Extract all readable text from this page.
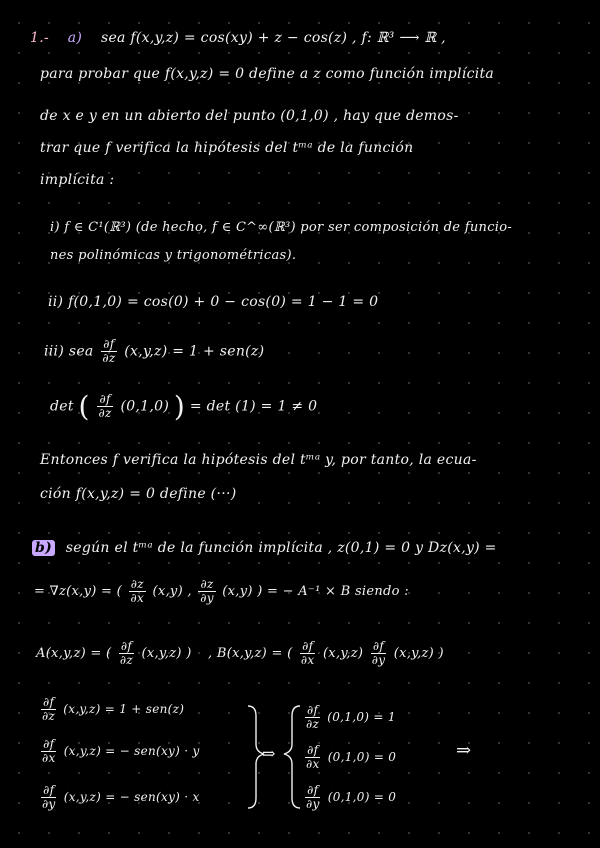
1.- a) sea f(x,y,z) = cos(xy) + z − cos(z) , f: ℝ³ ⟶ ℝ ,
para probar que f(x,y,z) = 0 define a z como función implícita
de x e y en un abierto del punto (0,1,0) , hay que demos-
trar que f verifica la hipótesis del tᵐᵃ de la función
implícita :
i) f ∈ C¹(ℝ³) (de hecho, f ∈ C^∞(ℝ³) por ser composición de funcio-
nes polinómicas y trigonométricas).
ii) f(0,1,0) = cos(0) + 0 − cos(0) = 1 − 1 = 0
iii) sea $\frac{\partial f}{\partial z} (x,y,z) = 1 + sen(z)$
det ( $\frac{\partial f}{\partial z} (0,1,0)$ ) = det (1) = 1 ≠ 0
Entonces f verifica la hipótesis del tᵐᵃ y, por tanto, la ecua-
ción f(x,y,z) = 0 define (···)
b) según el tᵐᵃ de la función implícita , z(0,1) = 0 y Dz(x,y) =
= ∇z(x,y) = ( $\frac{\partial z}{\partial x} (x,y)$ , $\frac{\partial z}{\partial y} (x,y)$ ) = − A⁻¹ × B siendo :
A(x,y,z) = ( $\frac{\partial f}{\partial z} (x,y,z)$ ) , B(x,y,z) = ( $\frac{\partial f}{\partial x} (x,y,z) \frac{\partial f}{\partial y} (x,y,z)$ )
$\frac{\partial f}{\partial z} (x,y,z) = 1 + sen(z)$
$\frac{\partial f}{\partial x} (x,y,z)$ = − sen(xy) · y
$\frac{\partial f}{\partial y} (x,y,z)$ = − sen(xy) · x
⇒
$\frac{\partial f}{\partial z} (0,1,0) = 1$
$\frac{\partial f}{\partial x} (0,1,0) = 0$
$\frac{\partial f}{\partial y} (0,1,0) = 0$
⇒
